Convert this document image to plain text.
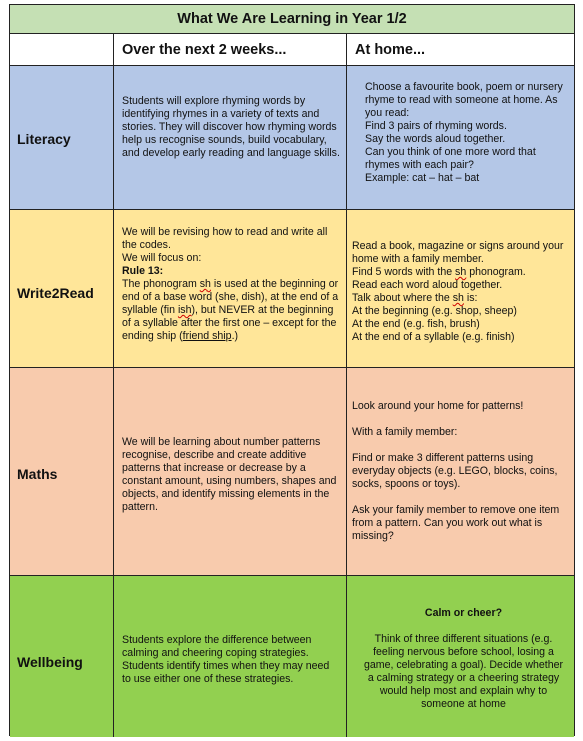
What We Are Learning in Year 1/2
Over the next 2 weeks...	At home...
Literacy
Students will explore rhyming words by identifying rhymes in a variety of texts and stories. They will discover how rhyming words help us recognise sounds, build vocabulary, and develop early reading and language skills.

Choose a favourite book, poem or nursery rhyme to read with someone at home. As you read:

Find 3 pairs of rhyming words.

Say the words aloud together.

Can you think of one more word that rhymes with each pair?

Example: cat – hat – bat

Write2Read

We will be revising how to read and write all the codes.

We will focus on:

Rule 13:

The phonogram sh is used at the beginning or end of a base word (she, dish), at the end of a syllable (fin ish), but NEVER at the beginning of a syllable after the first one – except for the ending ship (friend ship.)

Read a book, magazine or signs around your home with a family member.

Find 5 words with the sh phonogram.

Read each word aloud together.

Talk about where the sh is:

At the beginning (e.g. shop, sheep)

At the end (e.g. fish, brush)

At the end of a syllable (e.g. finish)

Maths
We will be learning about number patterns recognise, describe and create additive patterns that increase or decrease by a constant amount, using numbers, shapes and objects, and identify missing elements in the pattern.

Look around your home for patterns!

With a family member:

Find or make 3 different patterns using everyday objects (e.g. LEGO, blocks, coins, socks, spoons or toys).

Ask your family member to remove one item from a pattern. Can you work out what is missing?

Wellbeing
Students explore the difference between calming and cheering coping strategies. Students identify times when they may need to use either one of these strategies.

Calm or cheer?

Think of three different situations (e.g. feeling nervous before school, losing a game, celebrating a goal). Decide whether a calming strategy or a cheering strategy would help most and explain why to someone at home
